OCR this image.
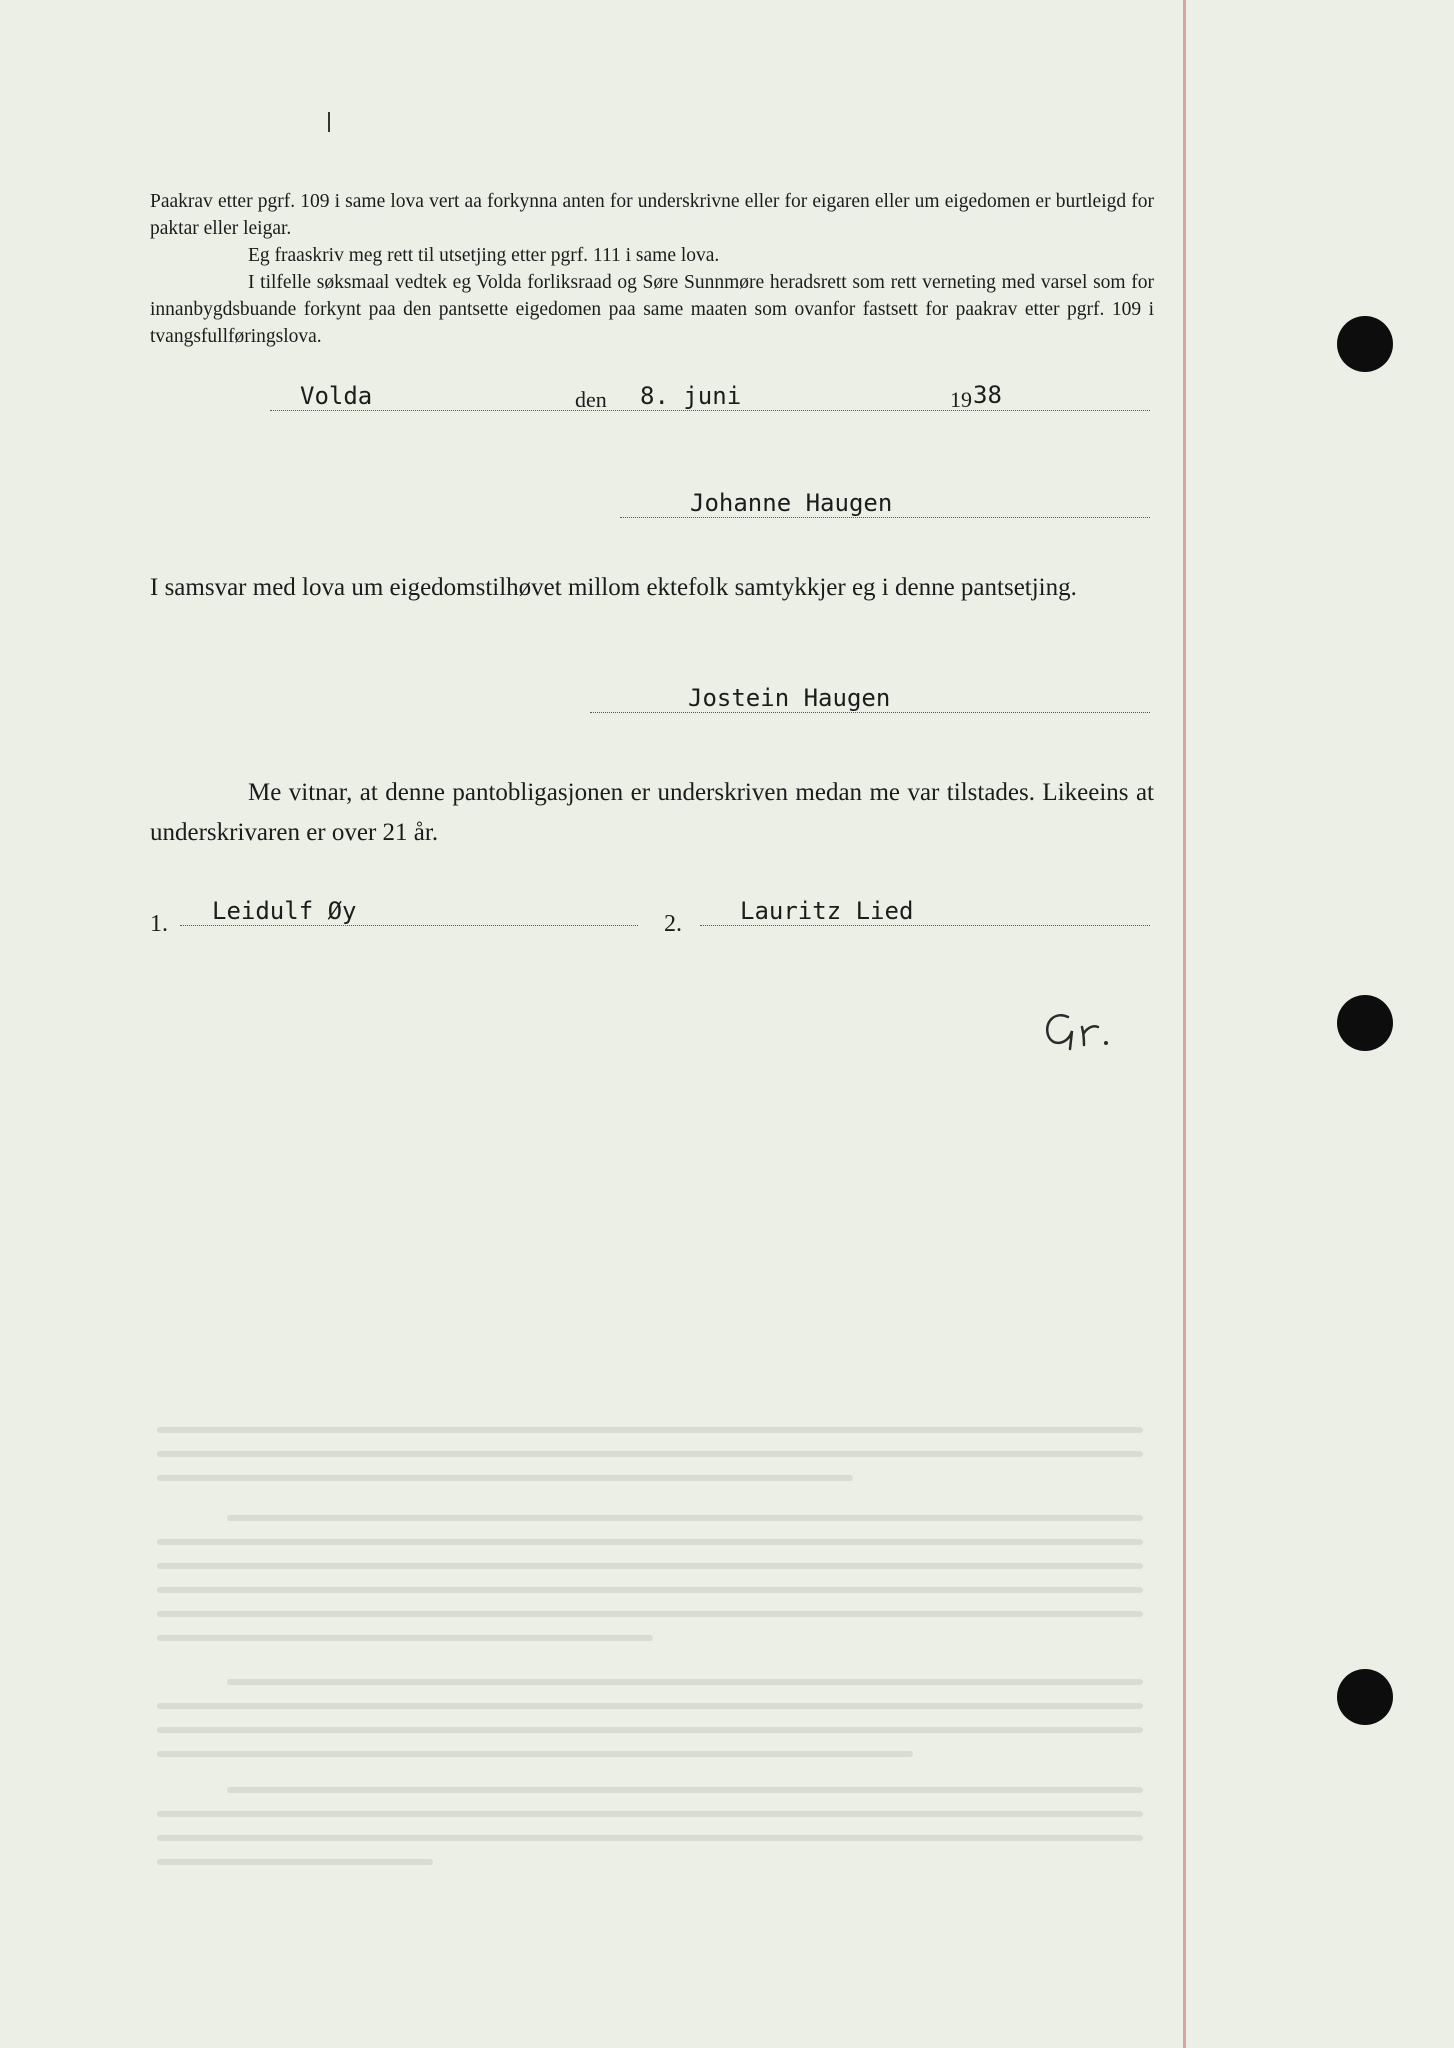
Paakrav etter pgrf. 109 i same lova vert aa forkynna anten for underskrivne eller for eigaren eller um eigedomen er burtleigd for paktar eller leigar.

Eg fraaskriv meg rett til utsetjing etter pgrf. 111 i same lova.

I tilfelle søksmaal vedtek eg Volda forliksraad og Søre Sunnmøre heradsrett som rett verneting med varsel som for innanbygdsbuande forkynt paa den pantsette eigedomen paa same maaten som ovanfor fastsett for paakrav etter pgrf. 109 i tvangsfullføringslova.

Volda	den 8. juni	19 38
Johanne Haugen
I samsvar med lova um eigedomstilhøvet millom ektefolk samtykkjer eg i denne pantsetjing.
Jostein Haugen
Me vitnar, at denne pantobligasjonen er underskriven medan me var tilstades. Likeeins at underskrivaren er over 21 år.
1. Leidulf Øy	2. Lauritz Lied
